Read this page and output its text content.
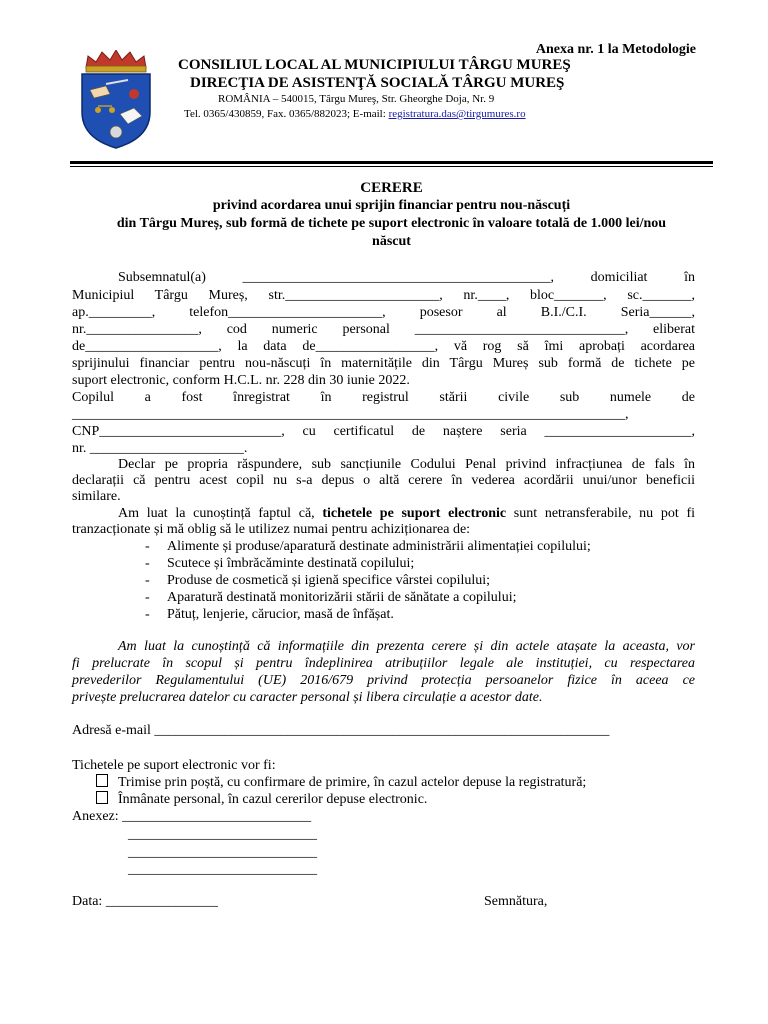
Anexa nr. 1 la Metodologie
CONSILIUL LOCAL AL MUNICIPIULUI TÂRGU MUREŞ
DIRECŢIA DE ASISTENŢĂ SOCIALĂ TÂRGU MUREŞ
ROMÂNIA – 540015, Târgu Mureş, Str. Gheorghe Doja, Nr. 9
Tel. 0365/430859, Fax. 0365/882023; E-mail: registratura.das@tirgumures.ro
CERERE
privind acordarea unui sprijin financiar pentru nou-născuți
din Târgu Mureș, sub formă de tichete pe suport electronic în valoare totală de 1.000 lei/nou
născut
Subsemnatul(a) ____________________________________________, domiciliat în
Municipiul Târgu Mureș, str.______________________, nr.____, bloc_______, sc._______,
ap._________, telefon______________________, posesor al B.I./C.I. Seria______,
nr.________________, cod numeric personal ______________________________, eliberat
de___________________, la data de_________________, vă rog să îmi aprobați acordarea
sprijinului financiar pentru nou-născuți în maternitățile din Târgu Mureș sub formă de tichete pe
suport electronic, conform H.C.L. nr. 228 din 30 iunie 2022.
Copilul a fost înregistrat în registrul stării civile sub numele de
_______________________________________________________________________________,
CNP__________________________, cu certificatul de naștere seria _____________________,
nr. ______________________.
Declar pe propria răspundere, sub sancțiunile Codului Penal privind infracțiunea de fals în
declarații că pentru acest copil nu s-a depus o altă cerere în vederea acordării unui/unor beneficii
similare.
Am luat la cunoștință faptul că, tichetele pe suport electronic sunt netransferabile, nu pot fi
tranzacționate și mă oblig să le utilizez numai pentru achiziționarea de:
- Alimente și produse/aparatură destinate administrării alimentației copilului;
- Scutece și îmbrăcăminte destinată copilului;
- Produse de cosmetică și igienă specifice vârstei copilului;
- Aparatură destinată monitorizării stării de sănătate a copilului;
- Pătuț, lenjerie, cărucior, masă de înfășat.
Am luat la cunoștință că informațiile din prezenta cerere și din actele atașate la aceasta, vor
fi prelucrate în scopul și pentru îndeplinirea atribuțiilor legale ale instituției, cu respectarea
prevederilor Regulamentului (UE) 2016/679 privind protecția persoanelor fizice în aceea ce
privește prelucrarea datelor cu caracter personal și libera circulație a acestor date.
Adresă e-mail _________________________________________________________________
Tichetele pe suport electronic vor fi:
Trimise prin poștă, cu confirmare de primire, în cazul actelor depuse la registratură;
Înmânate personal, în cazul cererilor depuse electronic.
Anexez: ___________________________
___________________________
___________________________
___________________________
Data: ________________	Semnătura,
